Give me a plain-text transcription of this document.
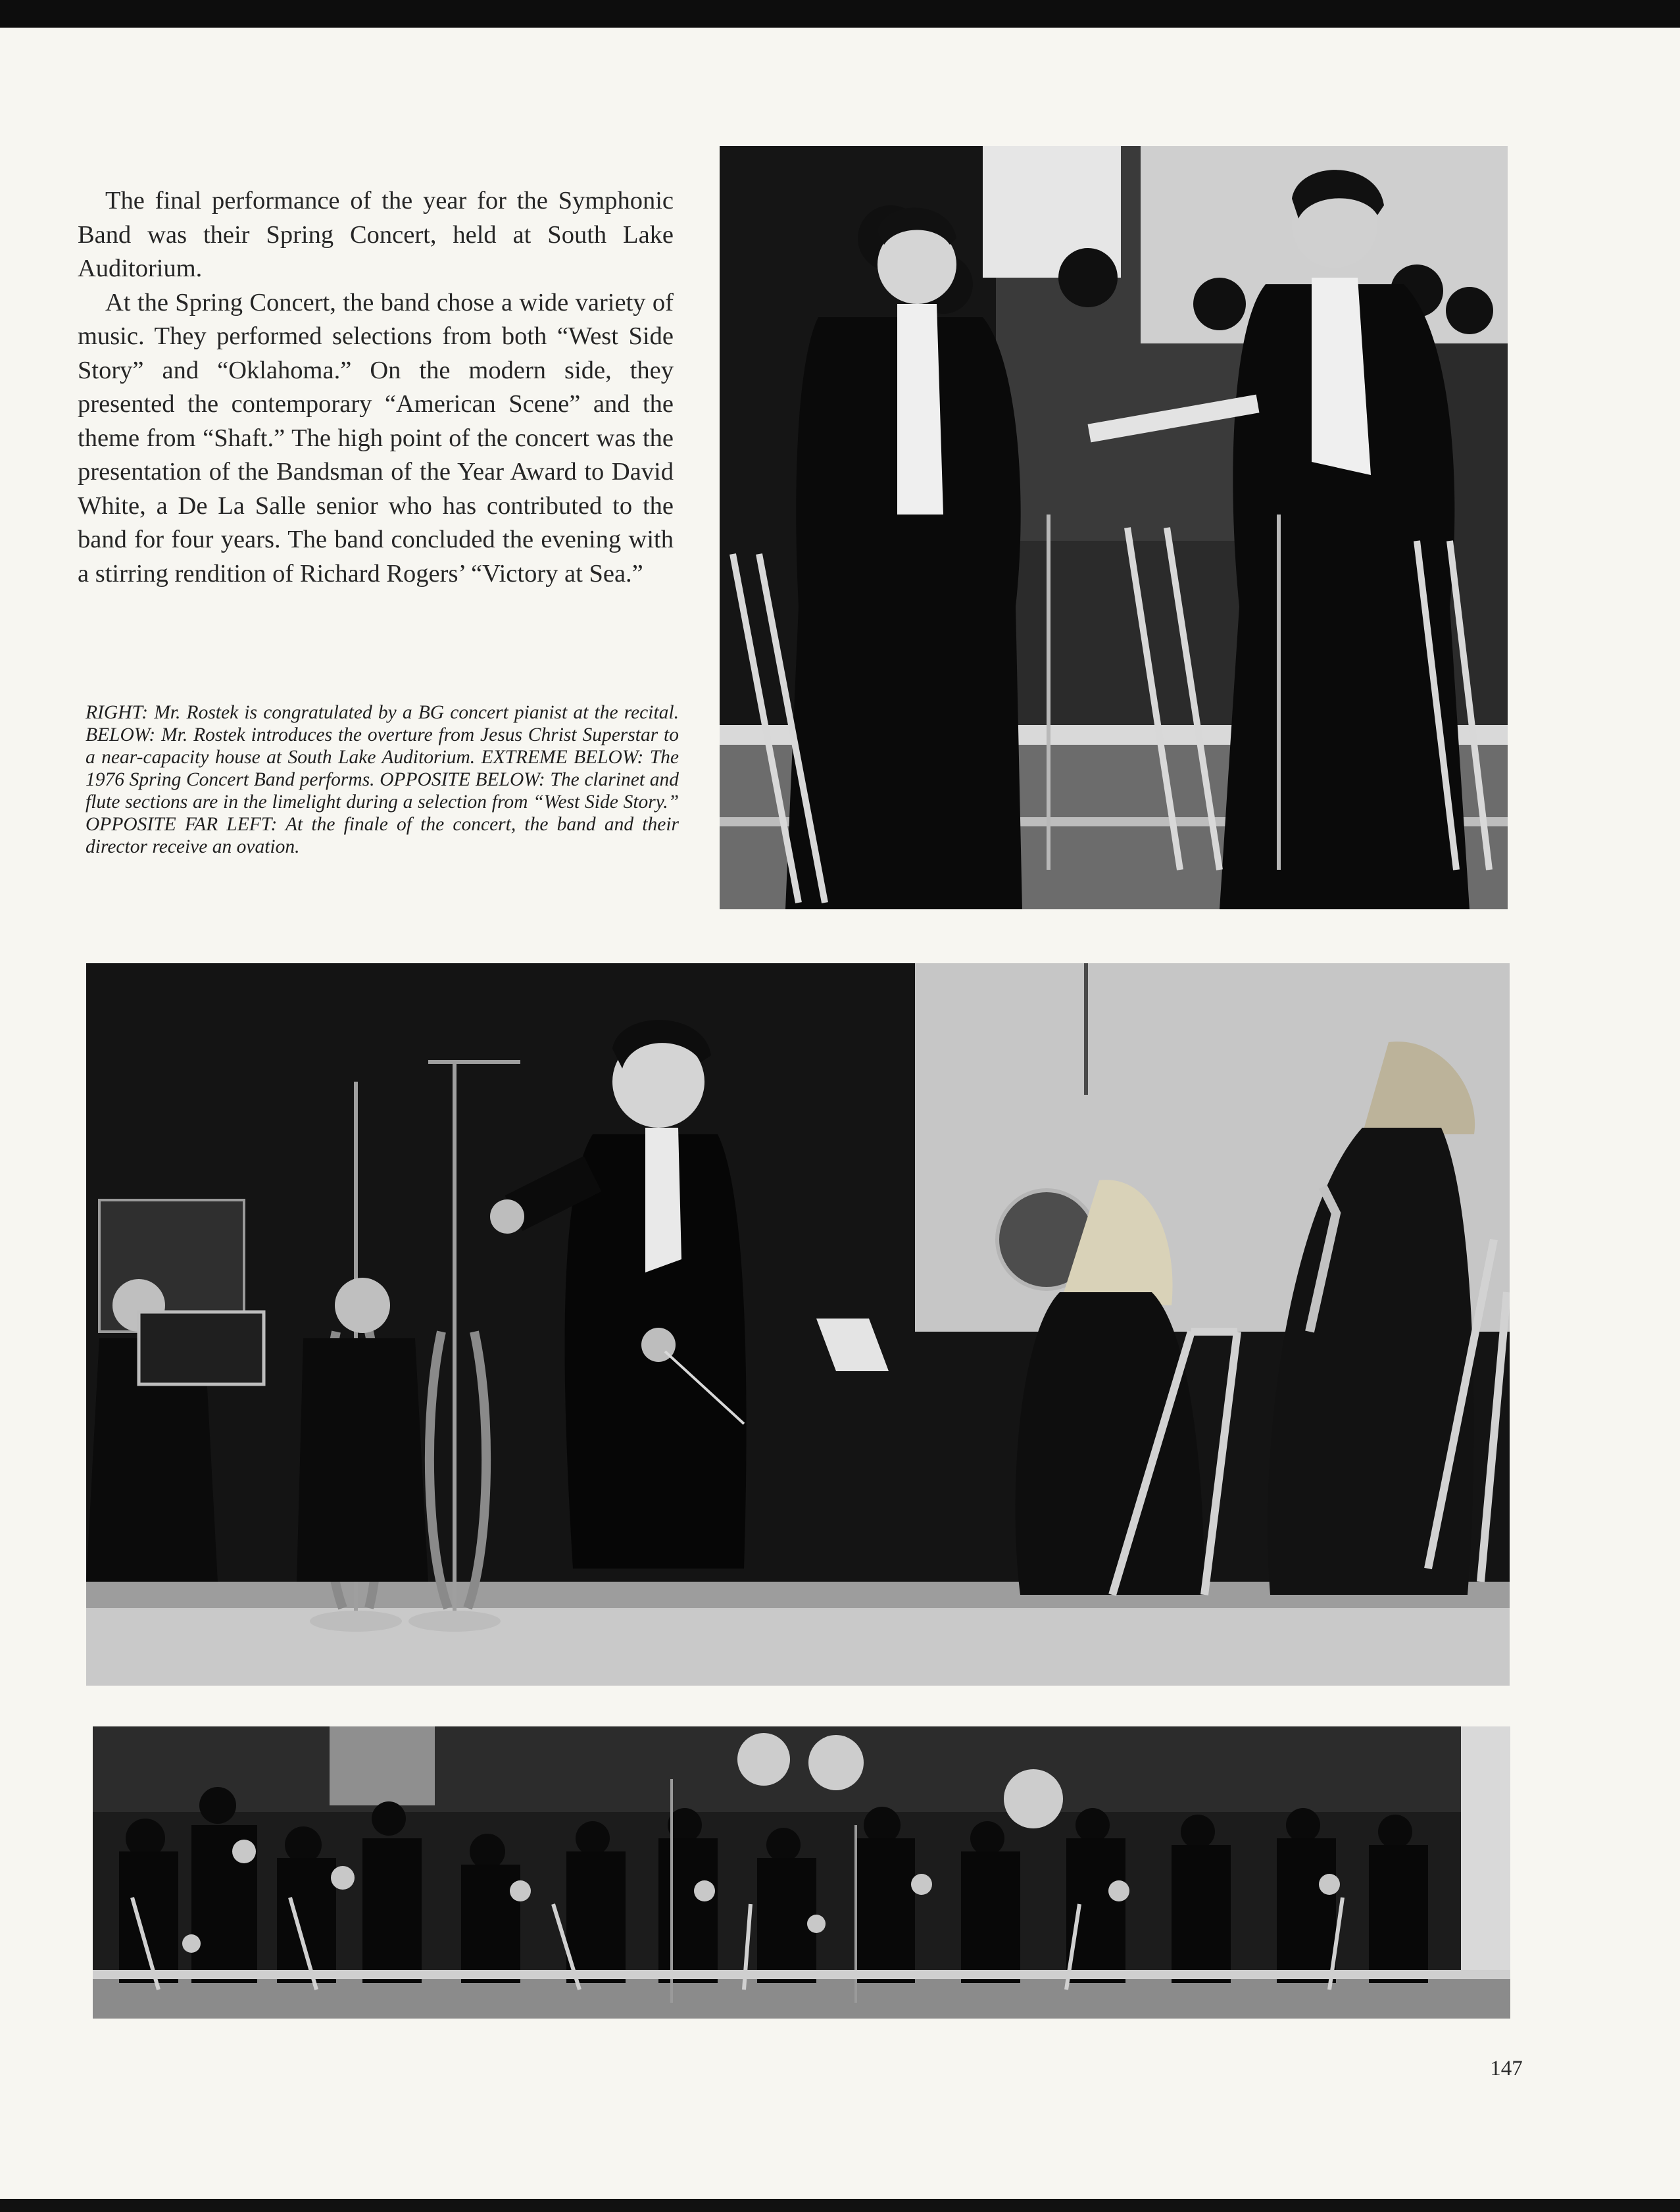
The final performance of the year for the Symphonic Band was their Spring Concert, held at South Lake Auditorium.

At the Spring Concert, the band chose a wide variety of music. They performed selections from both “West Side Story” and “Oklahoma.” On the modern side, they presented the contemporary “American Scene” and the theme from “Shaft.” The high point of the concert was the presentation of the Bandsman of the Year Award to David White, a De La Salle senior who has contributed to the band for four years. The band concluded the evening with a stirring rendition of Richard Rogers’ “Victory at Sea.”

RIGHT: Mr. Rostek is congratulated by a BG concert pianist at the recital. BELOW: Mr. Rostek introduces the overture from Jesus Christ Superstar to a near-capacity house at South Lake Auditorium. EXTREME BELOW: The 1976 Spring Concert Band performs. OPPOSITE BELOW: The clarinet and flute sections are in the limelight during a selection from “West Side Story.” OPPOSITE FAR LEFT: At the finale of the concert, the band and their director receive an ovation.
147
